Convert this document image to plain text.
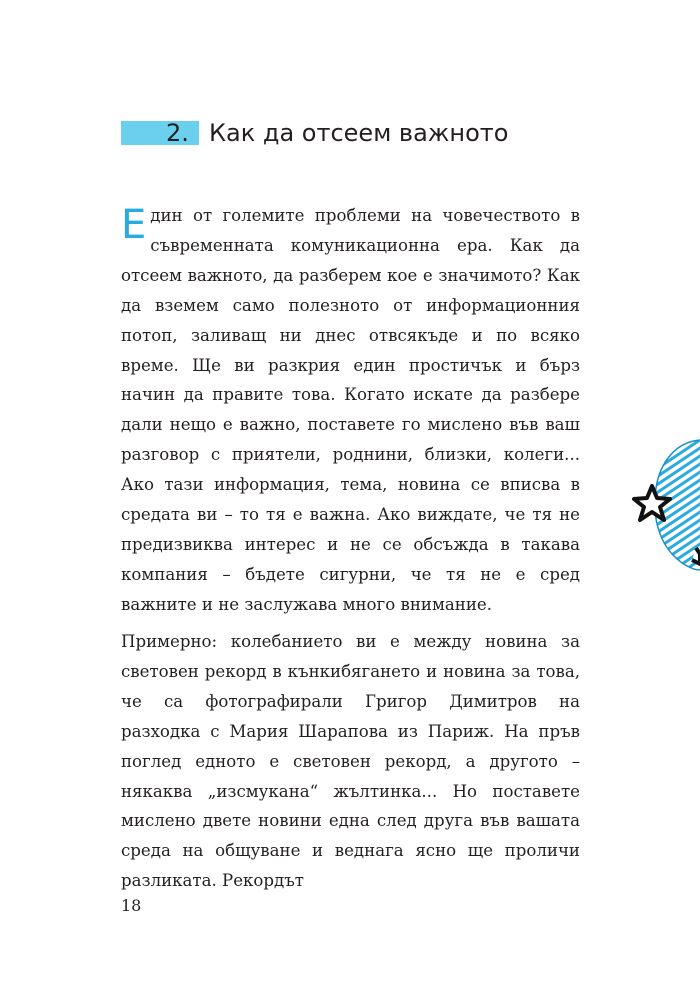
2. Как да отсеем важното

Един от големите проблеми на човечеството в съвременната комуникационна ера. Как да отсеем важното, да разберем кое е значимото? Как да вземем само полезното от информационния потоп, заливащ ни днес отвсякъде и по всяко време. Ще ви разкрия един простичък и бърз начин да правите това. Когато искате да разбере дали нещо е важно, поставете го мислено във ваш разговор с приятели, роднини, близки, колеги... Ако тази информация, тема, новина се вписва в средата ви – то тя е важна. Ако виждате, че тя не предизвиква интерес и не се обсъжда в такава компания – бъдете сигурни, че тя не е сред важните и не заслужава много внимание.

Примерно: колебанието ви е между новина за световен рекорд в кънкибягането и новина за това, че са фотографирали Григор Димитров на разходка с Мария Шарапова из Париж. На пръв поглед едното е световен рекорд, а другото – някаква „изсмукана“ жълтинка... Но поставете мислено двете новини една след друга във вашата среда на общуване и веднага ясно ще проличи разликата. Рекордът

18
